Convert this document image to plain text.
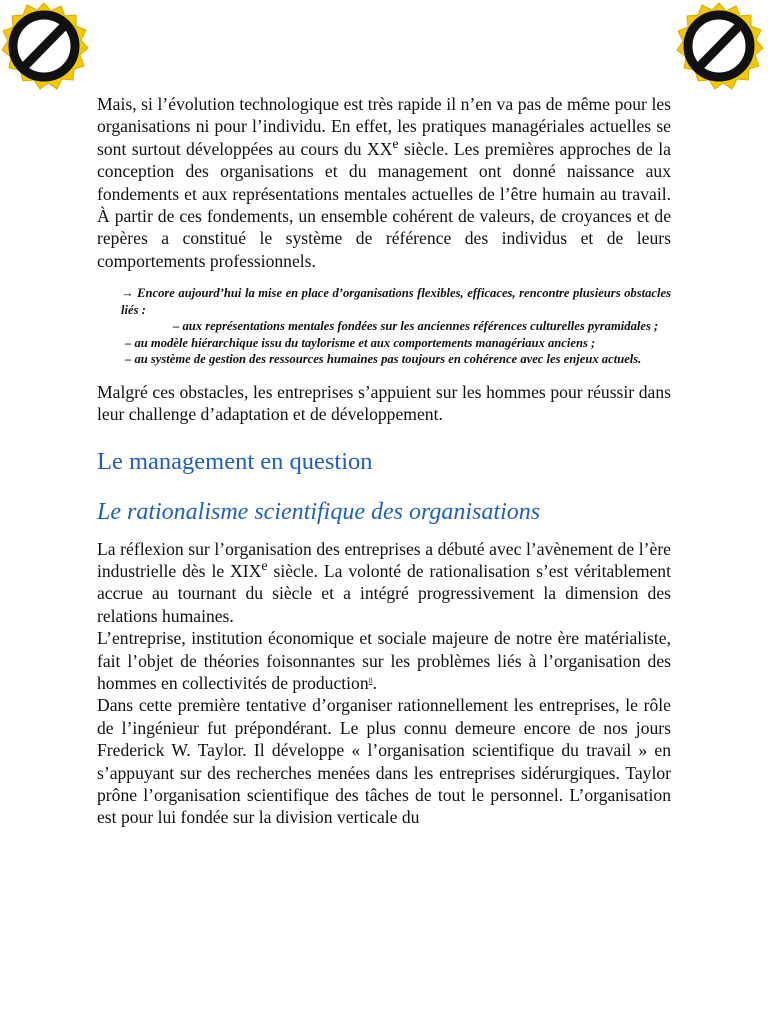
Mais, si l’évolution technologique est très rapide il n’en va pas de même pour les organisations ni pour l’individu. En effet, les pratiques managériales actuelles se sont surtout développées au cours du XXe siècle. Les premières approches de la conception des organisations et du management ont donné naissance aux fondements et aux représentations mentales actuelles de l’être humain au travail. À partir de ces fondements, un ensemble cohérent de valeurs, de croyances et de repères a constitué le système de référence des individus et de leurs comportements professionnels.

→ Encore aujourd’hui la mise en place d’organisations flexibles, efficaces, rencontre plusieurs obstacles liés :

– aux représentations mentales fondées sur les anciennes références culturelles pyramidales ;

– au modèle hiérarchique issu du taylorisme et aux comportements managériaux anciens ;

– au système de gestion des ressources humaines pas toujours en cohérence avec les enjeux actuels.

Malgré ces obstacles, les entreprises s’appuient sur les hommes pour réussir dans leur challenge d’adaptation et de développement.

Le management en question
Le rationalisme scientifique des organisations

La réflexion sur l’organisation des entreprises a débuté avec l’avènement de l’ère industrielle dès le XIXe siècle. La volonté de rationalisation s’est véritablement accrue au tournant du siècle et a intégré progressivement la dimension des relations humaines.

L’entreprise, institution économique et sociale majeure de notre ère matérialiste, fait l’objet de théories foisonnantes sur les problèmes liés à l’organisation des hommes en collectivités de production$^8$.

Dans cette première tentative d’organiser rationnellement les entreprises, le rôle de l’ingénieur fut prépondérant. Le plus connu demeure encore de nos jours Frederick W. Taylor. Il développe « l’organisation scientifique du travail » en s’appuyant sur des recherches menées dans les entreprises sidérurgiques. Taylor prône l’organisation scientifique des tâches de tout le personnel. L’organisation est pour lui fondée sur la division verticale du
